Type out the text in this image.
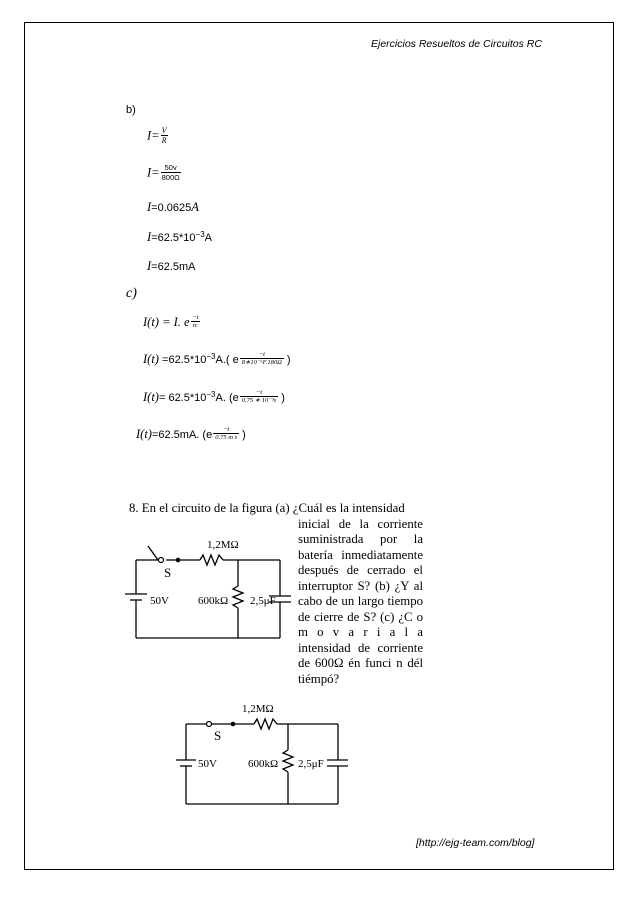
Ejercicios Resueltos de Circuitos RC
b)
$I= \frac{V}{R}$
$I= \frac{50v}{800\Omega}$
I=0.0625A
$I=62.5*10^{-3}A$
I=62.5mA
c)
I(t) = I. e $\frac{-t}{rc}$
$I(t) =62.5*10^{-3}A$.( e $\frac{-t}{\text{8∗10⁻⁶F.180Ω}}$ )
$I(t)= 62.5*10^{-3}A$. ($e \frac{-t}{\text{0.75 ∗ 10⁻³s}}$ )
I(t)=62.5mA. ($e \frac{-t}{\text{0.75 m s}}$ )
8. En el circuito de la figura (a) ¿Cuál es la intensidad
inicial de la corriente suministrada por la batería inmediatamente después de cerrado el interruptor S? (b) ¿Y al cabo de un largo tiempo de cierre de S? (c) ¿C o m o v a r i a l a intensidad de corriente de 600Ω én funci n dél tiémpó?
1,2MΩ
S
50V	600kΩ 2,5μF
1,2MΩ
S
50V	600kΩ 2,5μF
[http://ejg-team.com/blog]
